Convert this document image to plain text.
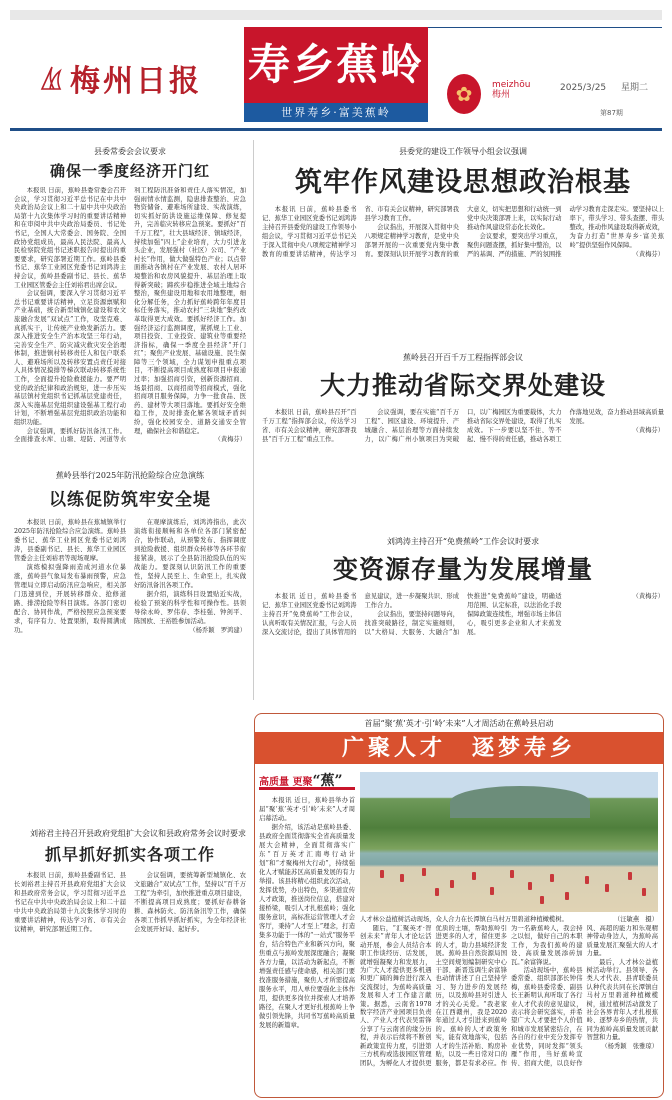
梅州日报 寿乡蕉岭
世界寿乡·富美蕉岭
✿	meizhōu
梅州
2025/3/25 星期二
第87期
县委常委会会议要求
确保一季度经济开门红

本报讯 日前，蕉岭县委常委会召开会议，学习贯彻习近平总书记在中共中央政治局会议上和二十届中共中央政治局第十九次集体学习时的重要讲话精神和在审阅中共中央政治局委员、书记处书记，全国人大常委会、国务院、全国政协党组成员，最高人民法院、最高人民检察院党组书记述职报告时提出的重要要求，研究部署近期工作。蕉岭县委书记、蕉华工业园区党委书记刘鸿涛主持会议，蕉岭县委副书记、县长、蕉华工业园区管委会主任刘裕君出席会议。

会议强调，要深入学习贯彻习近平总书记重要讲话精神，立足资源禀赋和产业基础，统合新型城镇化建设和农文旅融合发展“双试点”工作，攻坚克难、真抓实干，让传统产业焕发新活力。要深入推进安全生产治本攻坚三年行动，完善安全生产、防灾减灾救灾安全治理体制，推进镇村转移责任人和包户联系人、避难场所以及转移安置点责任对接人具体情况摸排等梯次联动转移系统性工作，全面提升抢险救援能力。要严明党的政治纪律和政治规矩，进一步压实基层镇村党组织书记抓基层党建责任，深入实施基层党组织建设强基工程行动计划，不断增强基层党组织政治功能和组织功能。

会议强调，要抓好防汛备汛工作。全面排查水库、山塘、堤防、河道等水利工程防汛准备和责任人落实情况，加强雨情水情监测，隐患排查整治、应急物资储备、避难场所建设、实战演练，切实抓好防洪设施运维保障、修复提升，完善临灾转移应急预案。要抓好“百千万工程”，壮大县域经济、镇域经济，持续加强“四上”企业培育，大力引进龙头企业，发展强村（社区）公司、“产业村长”作用，做大做强特色产业；以点带面推动各镇村在产业发展、农村人居环境整治和农房风貌提升、基层治理上取得新突破；蹄疾步稳推进全域土地综合整治，聚焦建设用地和农用地整理，细化分解任务，全力抓好蕉岭跨年年度目标任务落实，推动农村“三块地”集约改革取得更大成效。要抓好经济工作。加强经济运行监测调度，紧抓规上工业、项目投资、工业投资、建筑业等重要经济指标，确保一季度全县经济“开门红”；聚焦产业发展、基础设施、民生保障等三个领域，全力谋划申报重点项目，不断提高项目成熟度和项目申报通过率；加强招商引资，创新资源招商、场景招商、以商招商等招商模式，强化招商项目服务保障，力争一批食品、医药、建材等大项目落地。要抓好安全维稳工作，及时排查化解各领域矛盾纠纷，强化校园安全、道路交通安全管理，确保社会和谐稳定。

（黄梅芬）
蕉岭县举行2025年防汛抢险综合应急演练
以练促防筑牢安全堤

本报讯 日前，蕉岭县在蕉城镇举行2025年防汛抢险综合应急演练。蕉岭县委书记、蕉华工业园区党委书记刘鸿涛，县委副书记、县长、蕉华工业园区管委会主任刘裕君等现场观摩。

演练模拟强降雨造成河道水位暴涨，蕉岭县气象局发布暴雨预警，应急管理局立即启动防汛应急响应，相关部门迅速到位，开展转移群众、抢修道路、排涝抢险等科目演练。各部门密切配合、协同作战，严格按照应急预案要求，有序有力、处置果断，取得圆满成功。

在观摩演练后，刘鸿涛指出，此次演练衔接顺畅和各单位各部门紧密配合，协作联动，从预警发布、指挥调度到抢险救援、组织群众转移等各环节衔接紧凑，展示了全县防汛抢险队伍的实战能力。要深刻认识防汛工作的重要性，坚持人民至上、生命至上，扎实做好防汛备汛各项工作。

据介绍，演练科目设置贴近实战，检验了预案的科学性和可操作性。县领导徐永岭、罗伟春、李桂强、钟剑平、陈国欧、王裕胜参加活动。

（杨乔颖　罗鸿建）
刘裕君主持召开县政府党组扩大会议和县政府常务会议时要求
抓早抓好抓实各项工作

本报讯 日前，蕉岭县委副书记、县长刘裕君主持召开县政府党组扩大会议和县政府常务会议，学习贯彻习近平总书记在中共中央政治局会议上和二十届中共中央政治局第十九次集体学习时的重要讲话精神，传达学习省、市有关会议精神，研究部署近期工作。

会议强调，要统筹新型城镇化、农文旅融合“双试点”工作，坚持以“百千万工程”为牵引，加快推进重点项目建设，不断提高项目成熟度；要抓好春耕备耕、森林防火、防汛备汛等工作，确保各项工作抓早抓好抓实，为全年经济社会发展开好局、起好步。

县委党的建设工作领导小组会议强调
筑牢作风建设思想政治根基

本报讯 日前，蕉岭县委书记、蕉华工业园区党委书记刘鸿涛主持召开县委党的建设工作领导小组会议，学习贯彻习近平总书记关于深入贯彻中央八项规定精神学习教育的重要讲话精神，传达学习省、市有关会议精神，研究部署我县学习教育工作。

会议指出，开展深入贯彻中央八项规定精神学习教育，是党中央部署开展的一次重要党内集中教育。要深刻认识开展学习教育的重大意义，切实把思想和行动统一到党中央决策部署上来，以实际行动推动作风建设常态化长效化。

会议要求，要突出学习重点，聚焦问题查摆，抓好集中整治，以严的基调、严的措施、严的氛围推动学习教育走深走实。要坚持以上率下，带头学习、带头查摆、带头整改，推动作风建设取得新成效，为奋力打造“世界寿乡·富美蕉岭”提供坚强作风保障。

（黄梅芬）
蕉岭县召开百千万工程指挥部会议
大力推动省际交界处建设

本报讯 日前，蕉岭县召开“百千万工程”指挥部会议，传达学习省、市有关会议精神，研究部署我县“百千万工程”重点工作。

会议强调，要在实施“百千万工程”、园区建设、环境提升、产城融合、基层治理等方面持续发力，以广梅广州小镇项目为突破口，以广梅园区为重要载体，大力推动省际交界处建设，取得了扎实成效。下一步要以坚不住、等不起、慢不得的责任感，推动各项工作落地见效，奋力推动县域高质量发展。

（黄梅芬）
刘鸿涛主持召开“免费蕉岭”工作会议时要求
变资源存量为发展增量

本报讯 近日，蕉岭县委书记、蕉华工业园区党委书记刘鸿涛主持召开“免费蕉岭”工作会议，认真听取有关情况汇报，与会人员深入交流讨论，提出了具体管用的意见建议，进一步凝聚共识、形成工作合力。

会议指出，要坚持问题导向，找准突破路径，制定实施细则，以“大格局、大服务、大融合”加快推进“免费蕉岭”建设，明确适用范围、认定标准，以法治化手段保障政策连续性，增强市场主体信心，吸引更多企业和人才来蕉发展。

（黄梅芬）
首届“聚‘蕉’英才·引‘岭’未来”人才周活动在蕉岭县启动
广聚人才　逐梦寿乡
高质量 更聚“蕉”

本报讯 近日，蕉岭县举办首届“聚‘蕉’英才·引‘岭’未来”人才周启幕活动。

据介绍，该活动是蕉岭县委、县政府全面贯彻落实全省高质量发展大会精神，全面贯彻落实广东“百万英才汇南粤行动计划”和“才聚梅州大行动”，持续强化人才赋能苏区高质量发展的有力举措。该县将精心组织此次活动，发挥优势，办出特色，多渠道宣传人才政策，推送岗位信息，搭建对接桥梁，吸引人才扎根蕉岭；强化服务意识，高标准运营管理人才会客厅，秉持“人才至上”理念，打造集多功能于一体的“一站式”服务平台，结合特色产业和新兴方向，聚焦重点与蕉岭发展深度融合；凝聚各方力量，以活动为新起点，不断增强责任感与使命感，相关部门要找准服务措施，聚焦人才所需提高服务水平，用人单位要强化主体作用，提供更多岗位并探索人才培养路径，在聚人才更好扎根蕉岭上争做引领先锋，共同书写蕉岭高质量发展的新篇章。

人才林公益植树活动现场，众人合力在长潭镇白马村万里碧道种植橄榄树。	（汪敏燕　摄）

随后，“汇聚英才·智创未来”青年人才论坛活动开展，参会人员结合本职工作谈经历、话发展，就增强凝聚力和发展力，为广大人才提供更多机遇和更广阔的舞台进行深入交流探讨，为蕉岭高质量发展和人才工作建言献策。据悉，云南省1978数字经济产业园项目负责人、产业人才代表吴雷锋分享了与云南省的缘分历程，并表示后续将不断创新政策宣传力度，引进第三方机构或选拔园区管理团队，为孵化人才提供更优质的土壤，帮助蕉岭引进更多的人才，留住更多的人才，助力县域经济发展。蕉岭县自然资源局国土空间规划编制研究中心干部、新晋选调生余富锋也动情讲述了自己坚持学习、努力进步的发展经历，以及蕉岭县对引进人才的关心关爱。“我老家在江西赣州，我是2020年通过人才引进来到蕉岭的。蕉岭的人才政策务实，能有效地落实，包括人才的生活补贴、购房补贴，以及一些日常对口的服务，都是有求必应。作为一名新蕉岭人，我会持之以恒，做好自己的本职工作，为我们蕉岭的建设、高质量发展添砖加瓦。”余富锋说。

活动现场中，蕉岭县委常委、组织部部长钟伟梅，蕉岭县委常委、副县长王新明认真听取了各行业人才代表的意见建议，表示将会研究落实，并希望广大人才要把个人价值和城市发展紧密结合，在各自的行业中充分发挥专业优势，同时发挥“领头雁”作用，当好蕉岭宣传、招商大使，以良好作风、高超的能力和乐观精神带动身边人，为蕉岭高质量发展汇聚强大的人才力量。

最后，人才林公益植树活动举行。县领导、各类人才代表、县青联委员认种代表共同在长潭镇白马村万里碧道种植橄榄树，通过植树活动激发了社会各界青年人才扎根蕉岭、逐梦寿乡的热情，共同为蕉岭高质量发展贡献智慧和力量。

（杨秀颖　张雅琼）
